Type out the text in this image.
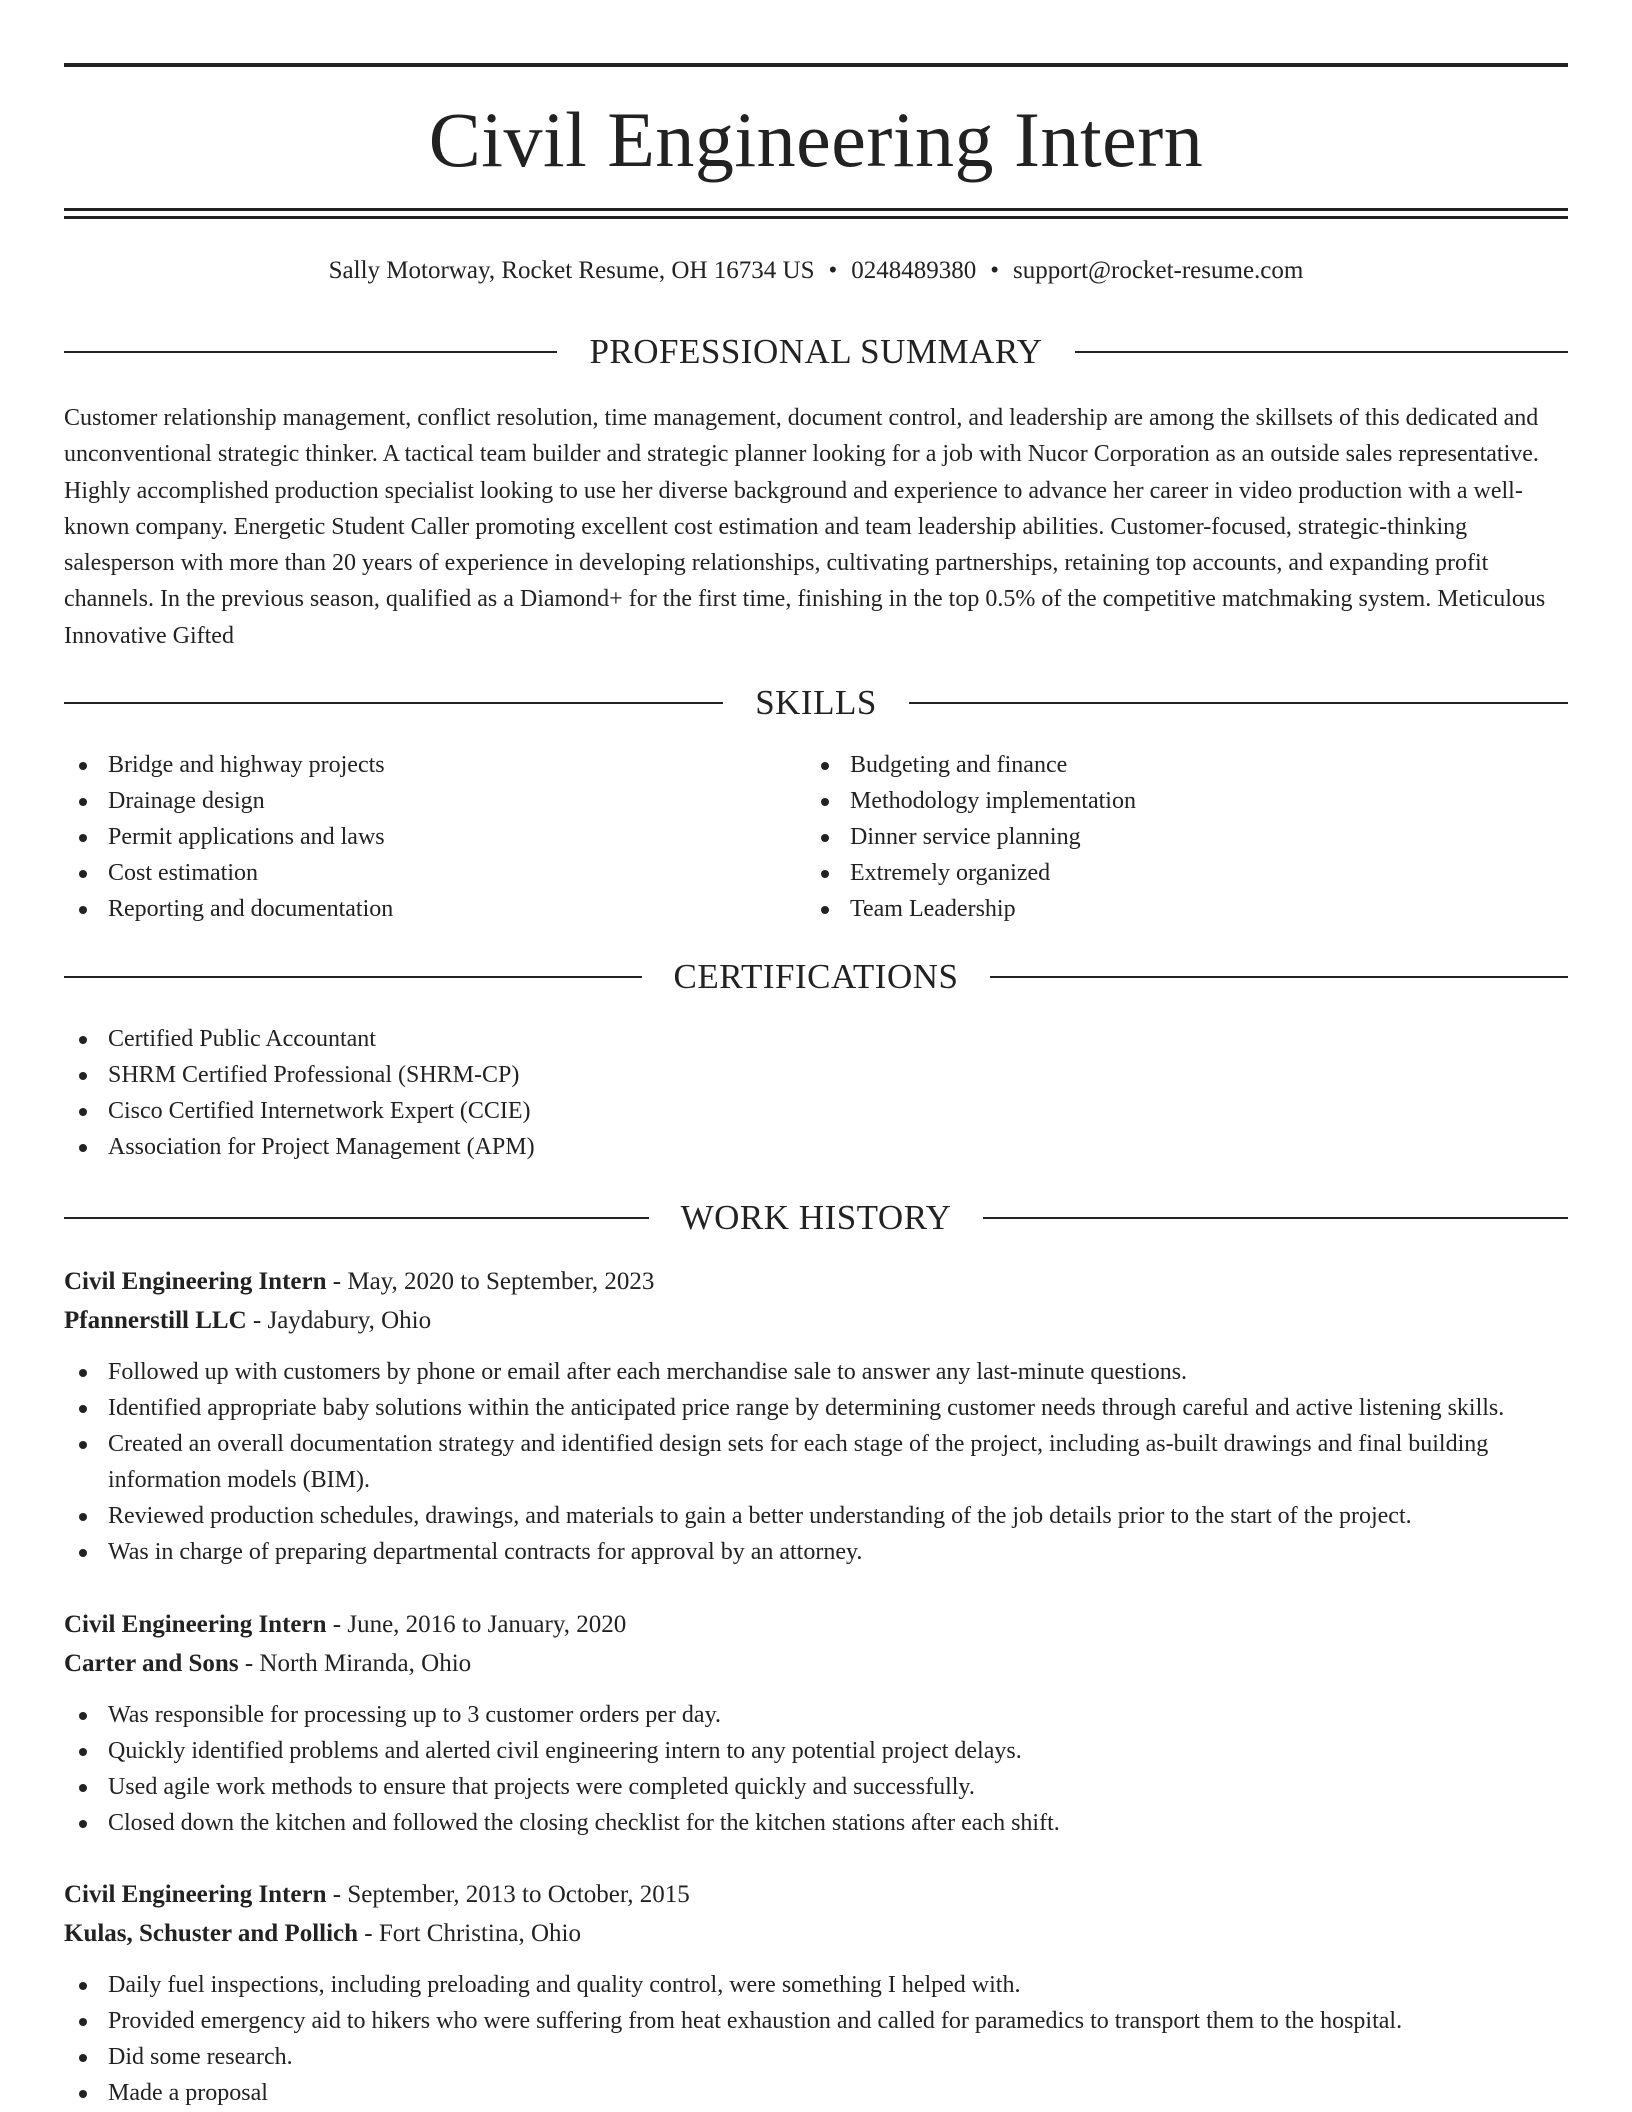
Civil Engineering Intern
Sally Motorway, Rocket Resume, OH 16734 US • 0248489380 • support@rocket-resume.com
PROFESSIONAL SUMMARY

Customer relationship management, conflict resolution, time management, document control, and leadership are among the skillsets of this dedicated and unconventional strategic thinker. A tactical team builder and strategic planner looking for a job with Nucor Corporation as an outside sales representative. Highly accomplished production specialist looking to use her diverse background and experience to advance her career in video production with a well-known company. Energetic Student Caller promoting excellent cost estimation and team leadership abilities. Customer-focused, strategic-thinking salesperson with more than 20 years of experience in developing relationships, cultivating partnerships, retaining top accounts, and expanding profit channels. In the previous season, qualified as a Diamond+ for the first time, finishing in the top 0.5% of the competitive matchmaking system. Meticulous Innovative Gifted

SKILLS
Bridge and highway projects
Drainage design
Permit applications and laws
Cost estimation
Reporting and documentation
Budgeting and finance
Methodology implementation
Dinner service planning
Extremely organized
Team Leadership
CERTIFICATIONS
Certified Public Accountant
SHRM Certified Professional (SHRM-CP)
Cisco Certified Internetwork Expert (CCIE)
Association for Project Management (APM)
WORK HISTORY
Civil Engineering Intern - May, 2020 to September, 2023
Pfannerstill LLC - Jaydabury, Ohio
Followed up with customers by phone or email after each merchandise sale to answer any last-minute questions.
Identified appropriate baby solutions within the anticipated price range by determining customer needs through careful and active listening skills.
Created an overall documentation strategy and identified design sets for each stage of the project, including as-built drawings and final building information models (BIM).
Reviewed production schedules, drawings, and materials to gain a better understanding of the job details prior to the start of the project.
Was in charge of preparing departmental contracts for approval by an attorney.
Civil Engineering Intern - June, 2016 to January, 2020
Carter and Sons - North Miranda, Ohio
Was responsible for processing up to 3 customer orders per day.
Quickly identified problems and alerted civil engineering intern to any potential project delays.
Used agile work methods to ensure that projects were completed quickly and successfully.
Closed down the kitchen and followed the closing checklist for the kitchen stations after each shift.
Civil Engineering Intern - September, 2013 to October, 2015
Kulas, Schuster and Pollich - Fort Christina, Ohio
Daily fuel inspections, including preloading and quality control, were something I helped with.
Provided emergency aid to hikers who were suffering from heat exhaustion and called for paramedics to transport them to the hospital.
Did some research.
Made a proposal
